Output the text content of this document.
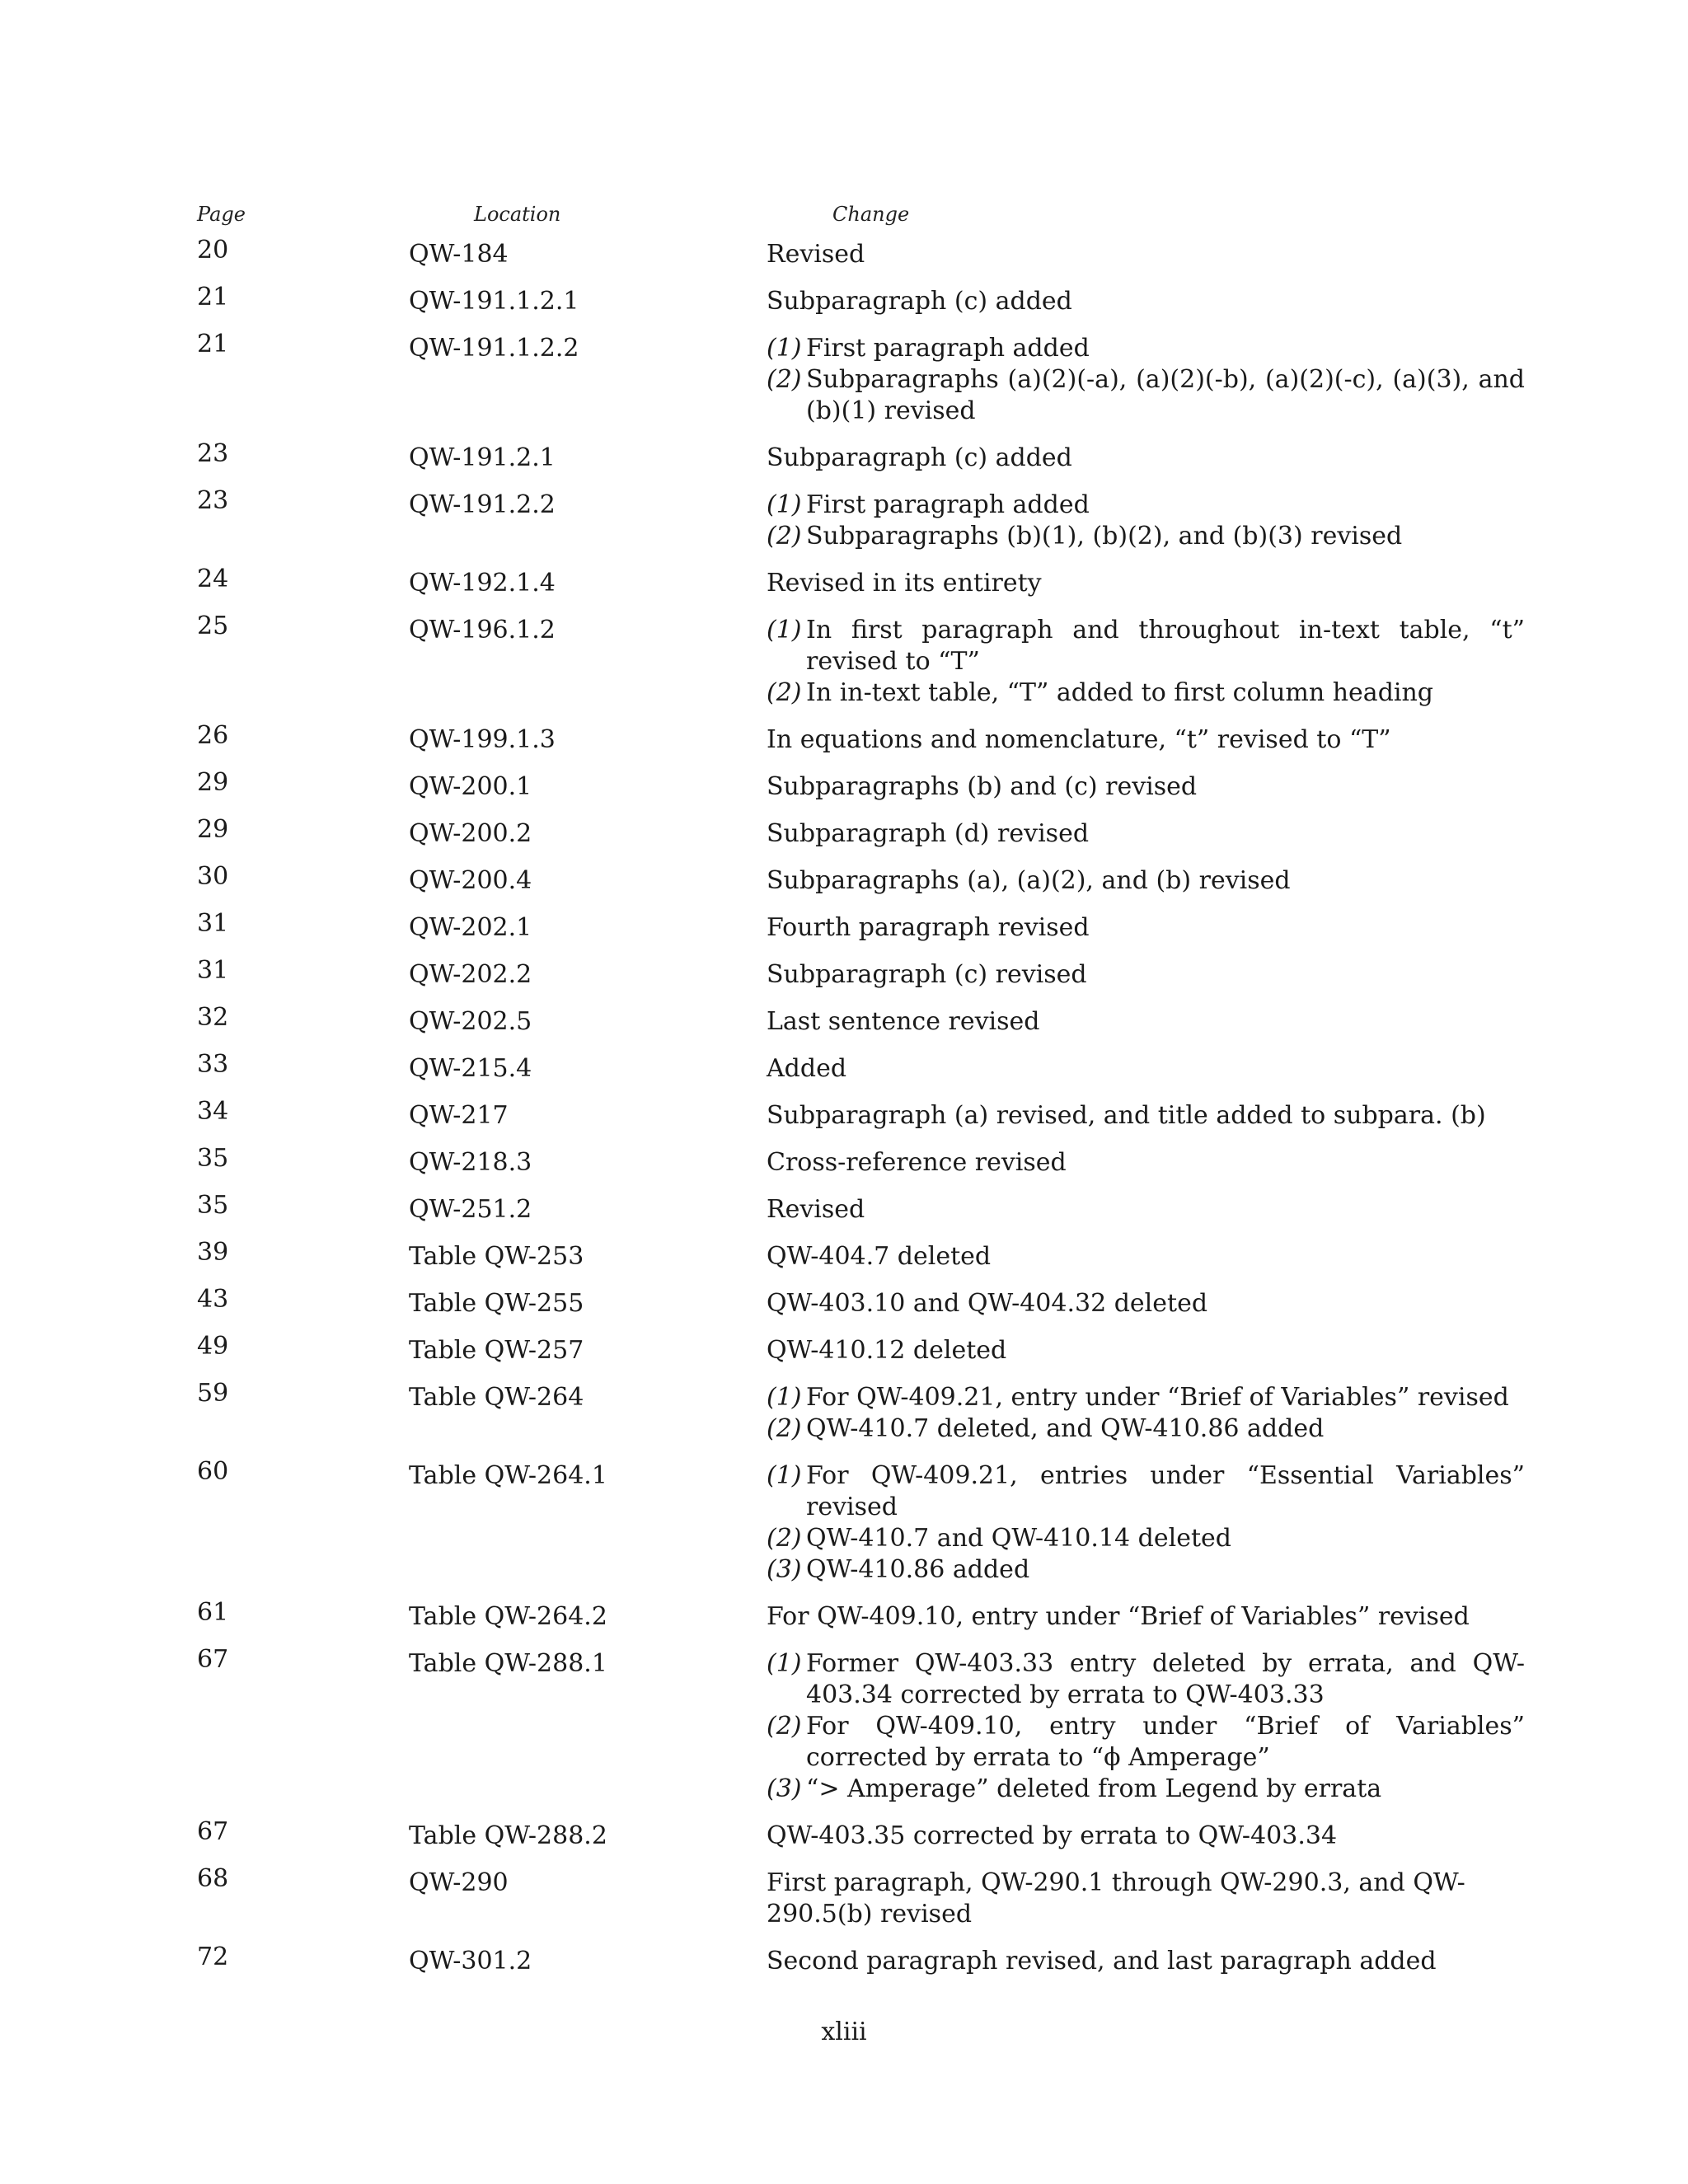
Page	Location	Change
20	QW-184	Revised
21	QW-191.1.2.1	Subparagraph (c) added
21	QW-191.1.2.2	(1) First paragraph added
(2) Subparagraphs (a)(2)(-a), (a)(2)(-b), (a)(2)(-c), (a)(3), and (b)(1) revised
23	QW-191.2.1	Subparagraph (c) added
23	QW-191.2.2	(1) First paragraph added
(2) Subparagraphs (b)(1), (b)(2), and (b)(3) revised
24	QW-192.1.4	Revised in its entirety
25	QW-196.1.2	(1) In first paragraph and throughout in-text table, “t” revised to “T”
(2) In in-text table, “T” added to first column heading
26	QW-199.1.3	In equations and nomenclature, “t” revised to “T”
29	QW-200.1	Subparagraphs (b) and (c) revised
29	QW-200.2	Subparagraph (d) revised
30	QW-200.4	Subparagraphs (a), (a)(2), and (b) revised
31	QW-202.1	Fourth paragraph revised
31	QW-202.2	Subparagraph (c) revised
32	QW-202.5	Last sentence revised
33	QW-215.4	Added
34	QW-217	Subparagraph (a) revised, and title added to subpara. (b)
35	QW-218.3	Cross-reference revised
35	QW-251.2	Revised
39	Table QW-253	QW-404.7 deleted
43	Table QW-255	QW-403.10 and QW-404.32 deleted
49	Table QW-257	QW-410.12 deleted
59	Table QW-264	(1) For QW-409.21, entry under “Brief of Variables” revised
(2) QW-410.7 deleted, and QW-410.86 added
60	Table QW-264.1	(1) For QW-409.21, entries under “Essential Variables” revised
(2) QW-410.7 and QW-410.14 deleted
(3) QW-410.86 added
61	Table QW-264.2	For QW-409.10, entry under “Brief of Variables” revised
67	Table QW-288.1	(1) Former QW-403.33 entry deleted by errata, and QW-403.34 corrected by errata to QW-403.33
(2) For QW-409.10, entry under “Brief of Variables” corrected by errata to “ϕ Amperage”
(3) “> Amperage” deleted from Legend by errata
67	Table QW-288.2	QW-403.35 corrected by errata to QW-403.34
68	QW-290	First paragraph, QW-290.1 through QW-290.3, and QW-290.5(b) revised
72	QW-301.2	Second paragraph revised, and last paragraph added
xliii
